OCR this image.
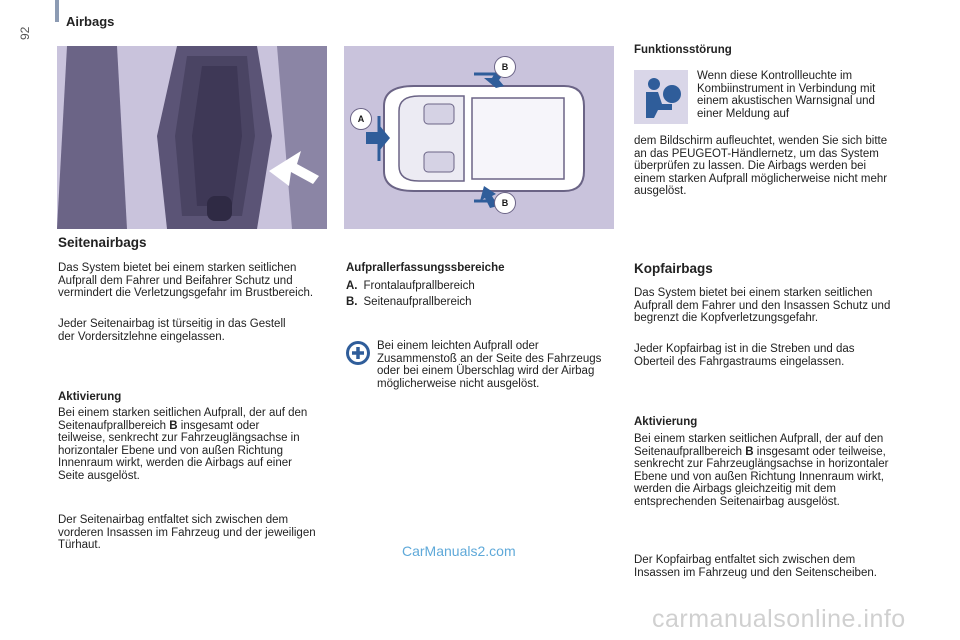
92
Airbags
A
B
B
Seitenairbags
Das System bietet bei einem starken seitlichen Aufprall dem Fahrer und Beifahrer Schutz und vermindert die Verletzungsgefahr im Brustbereich.
Jeder Seitenairbag ist türseitig in das Gestell der Vordersitzlehne eingelassen.
Aktivierung
Bei einem starken seitlichen Aufprall, der auf den Seitenaufprallbereich B insgesamt oder teilweise, senkrecht zur Fahrzeuglängsachse in horizontaler Ebene und von außen Richtung Innenraum wirkt, werden die Airbags auf einer Seite ausgelöst.
Der Seitenairbag entfaltet sich zwischen dem vorderen Insassen im Fahrzeug und der jeweiligen Türhaut.
Aufprallerfassungssbereiche
A. Frontalaufprallbereich
B. Seitenaufprallbereich
Bei einem leichten Aufprall oder Zusammenstoß an der Seite des Fahrzeugs oder bei einem Überschlag wird der Airbag möglicherweise nicht ausgelöst.
Funktionsstörung
Wenn diese Kontrollleuchte im Kombiinstrument in Verbindung mit einem akustischen Warnsignal und einer Meldung auf
dem Bildschirm aufleuchtet, wenden Sie sich bitte an das PEUGEOT-Händlernetz, um das System überprüfen zu lassen. Die Airbags werden bei einem starken Aufprall möglicherweise nicht mehr ausgelöst.
Kopfairbags
Das System bietet bei einem starken seitlichen Aufprall dem Fahrer und den Insassen Schutz und begrenzt die Kopfverletzungsgefahr.
Jeder Kopfairbag ist in die Streben und das Oberteil des Fahrgastraums eingelassen.
Aktivierung
Bei einem starken seitlichen Aufprall, der auf den Seitenaufprallbereich B insgesamt oder teilweise, senkrecht zur Fahrzeuglängsachse in horizontaler Ebene und von außen Richtung Innenraum wirkt, werden die Airbags gleichzeitig mit dem entsprechenden Seitenairbag ausgelöst.
Der Kopfairbag entfaltet sich zwischen dem Insassen im Fahrzeug und den Seitenscheiben.
CarManuals2.com
carmanualsonline.info
